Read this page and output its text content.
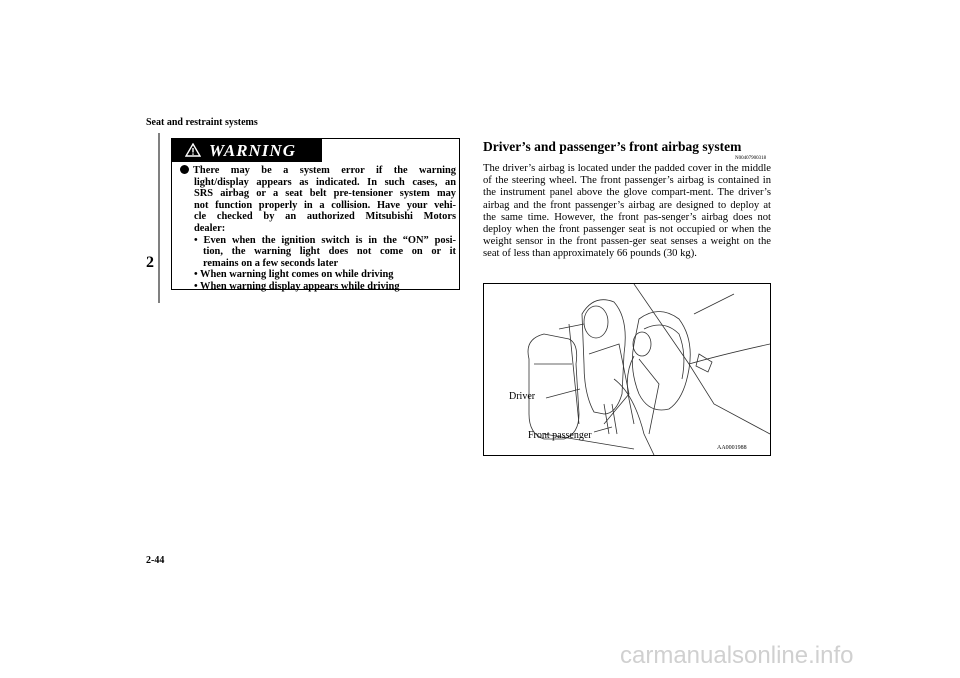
Seat and restraint systems
2
WARNING
There may be a system error if the warning
light/display appears as indicated. In such cases, an
SRS airbag or a seat belt pre-tensioner system may
not function properly in a collision. Have your vehi-
cle checked by an authorized Mitsubishi Motors
dealer:
• Even when the ignition switch is in the “ON” posi-
tion, the warning light does not come on or it
remains on a few seconds later
• When warning light comes on while driving
• When warning display appears while driving
Driver’s and passenger’s front airbag system
N00407900318
The driver’s airbag is located under the padded cover in the middle of the steering wheel. The front passenger’s airbag is contained in the instrument panel above the glove compart-ment. The driver’s airbag and the front passenger’s airbag are designed to deploy at the same time. However, the front pas-senger’s airbag does not deploy when the front passenger seat is not occupied or when the weight sensor in the front passen-ger seat senses a weight on the seat of less than approximately 66 pounds (30 kg).
Driver
Front passenger
AA0001988
2-44
carmanualsonline.info
